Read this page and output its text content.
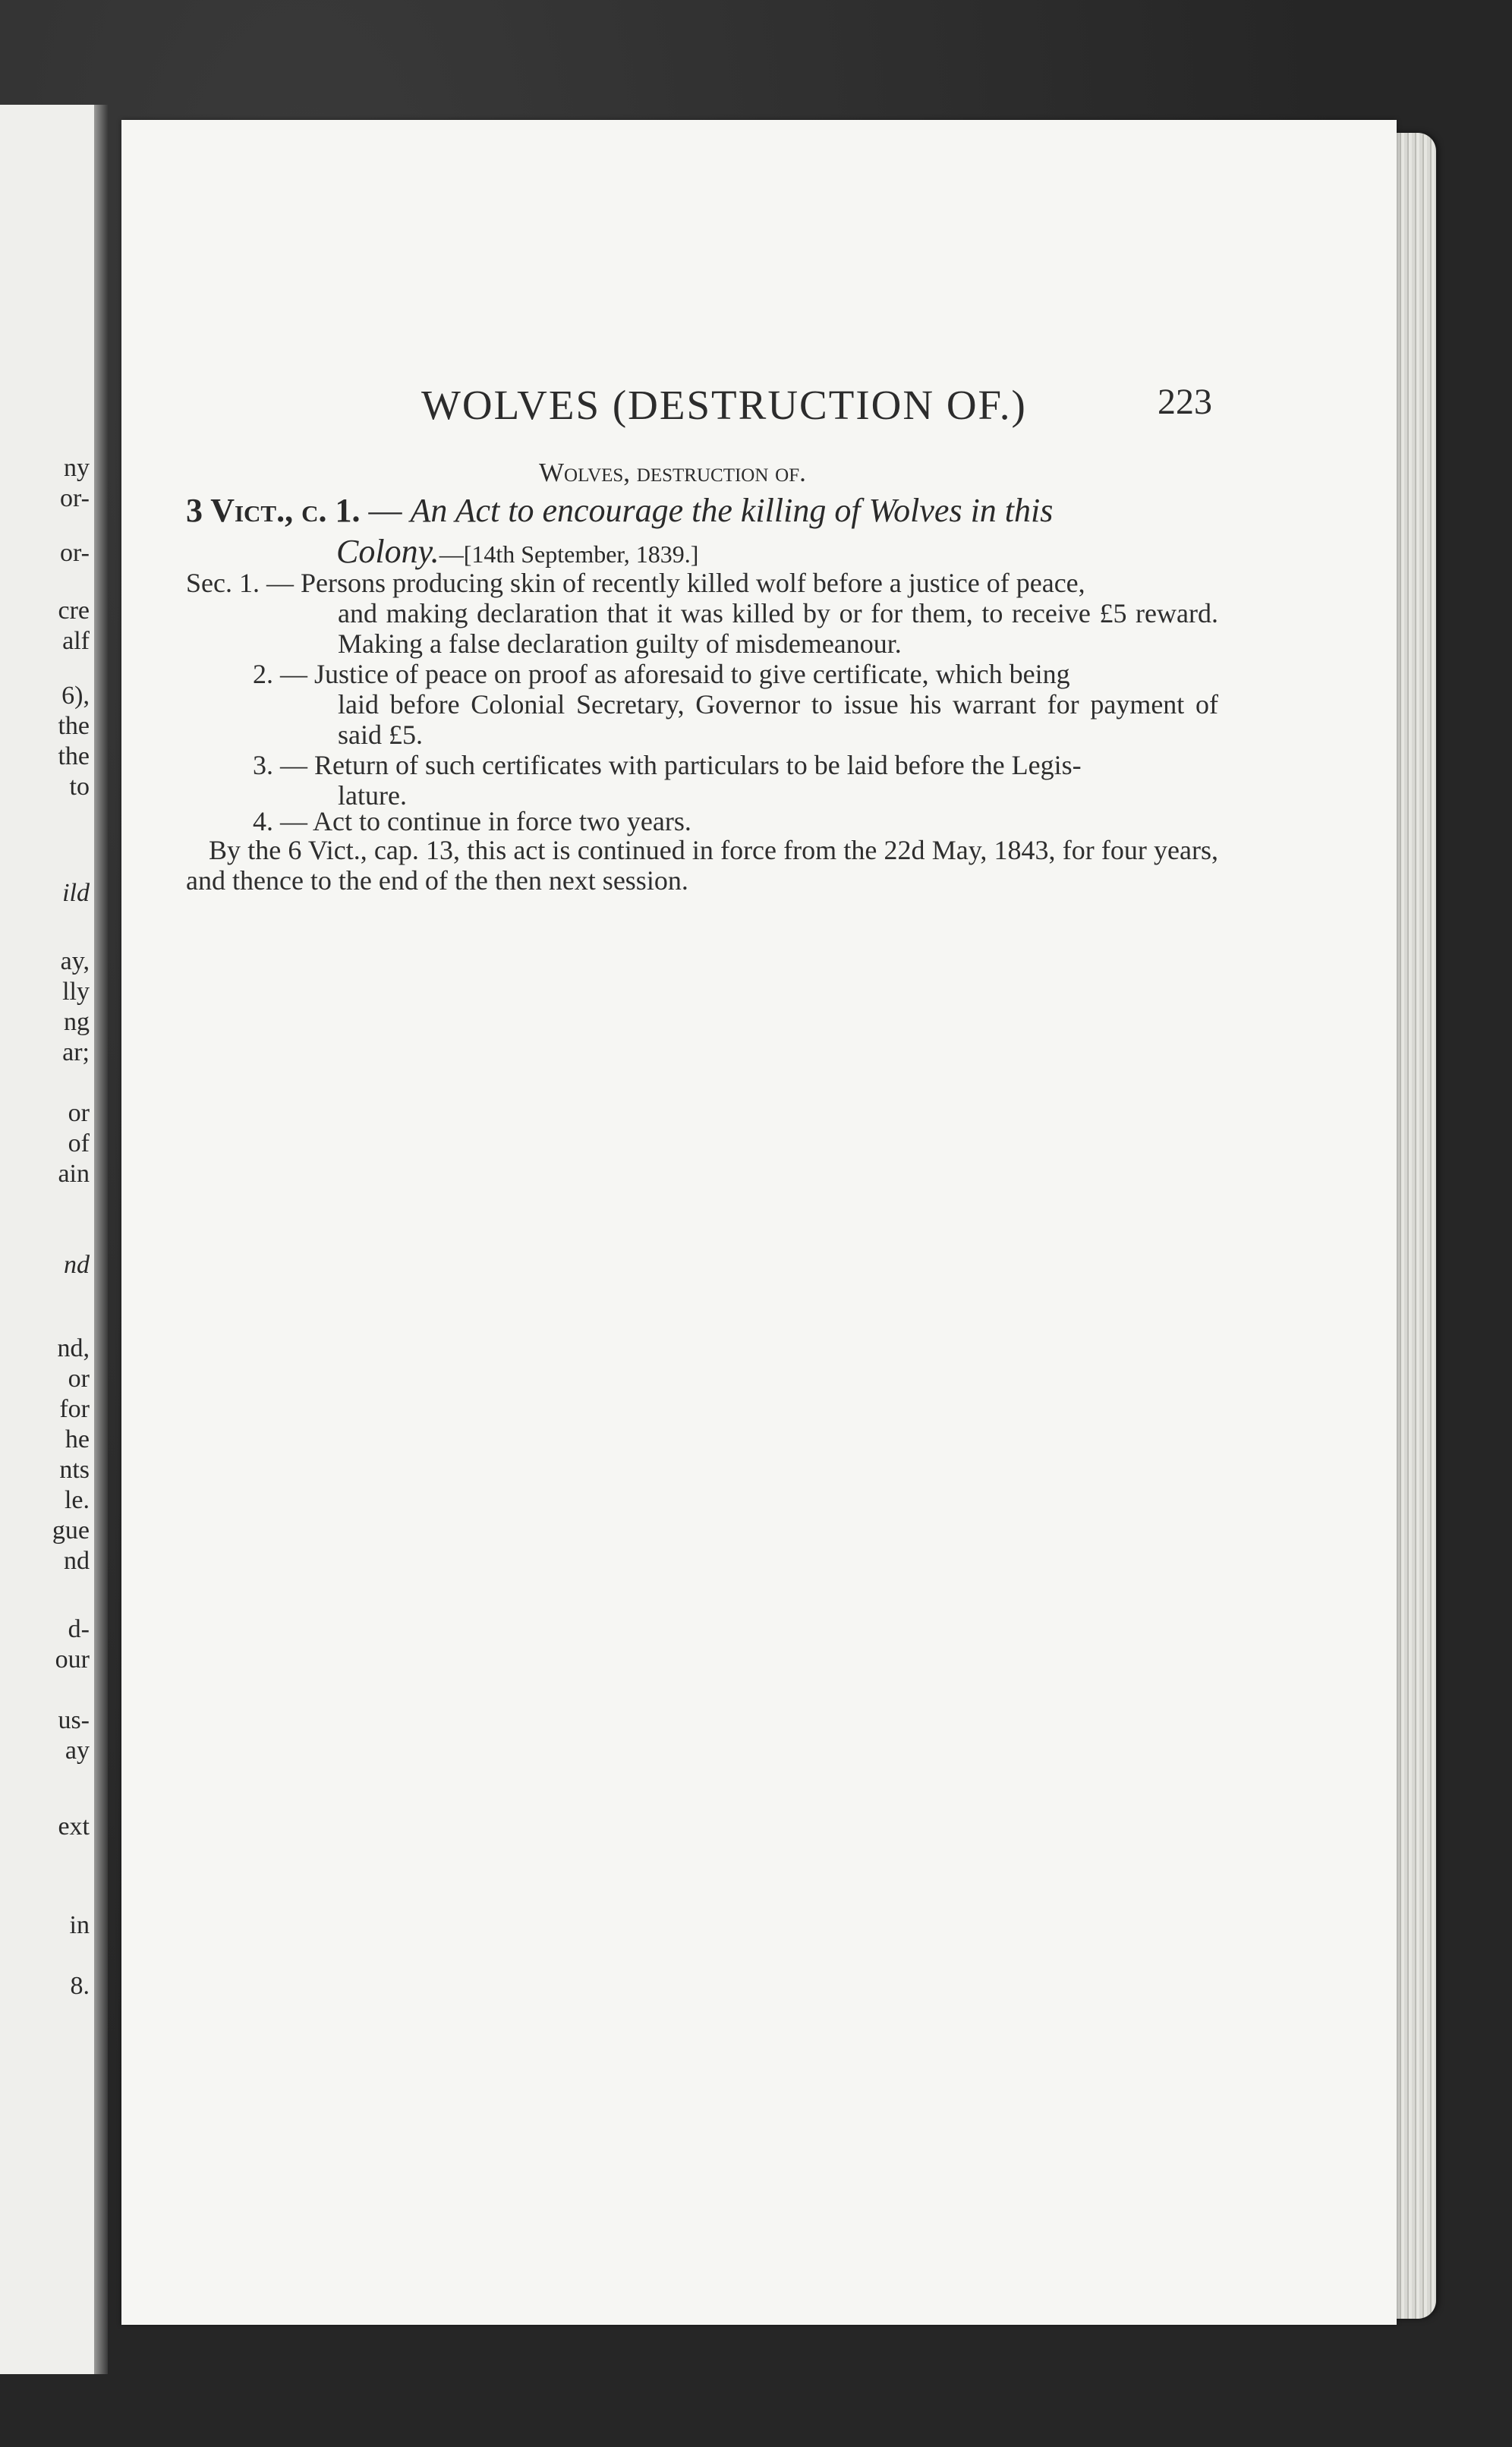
ny
or-
or-
cre
alf
6),
the
the
to
ild
ay,
lly
ng
ar;
or
of
ain
nd
nd,
or
for
he
nts
le.
gue
nd
d-
our
us-
ay
ext
in
8.
WOLVES (DESTRUCTION OF.)	223
Wolves, destruction of.
3 Vict., c. 1. — An Act to encourage the killing of Wolves in this
Colony.—[14th September, 1839.]
Sec. 1. — Persons producing skin of recently killed wolf before a justice of peace,
and making declaration that it was killed by or for them, to receive £5 reward. Making a false declaration guilty of misdemeanour.
2. — Justice of peace on proof as aforesaid to give certificate, which being
laid before Colonial Secretary, Governor to issue his warrant for payment of said £5.
3. — Return of such certificates with particulars to be laid before the Legis-
lature.
4. — Act to continue in force two years.
By the 6 Vict., cap. 13, this act is continued in force from the 22d May, 1843, for four years, and thence to the end of the then next session.
